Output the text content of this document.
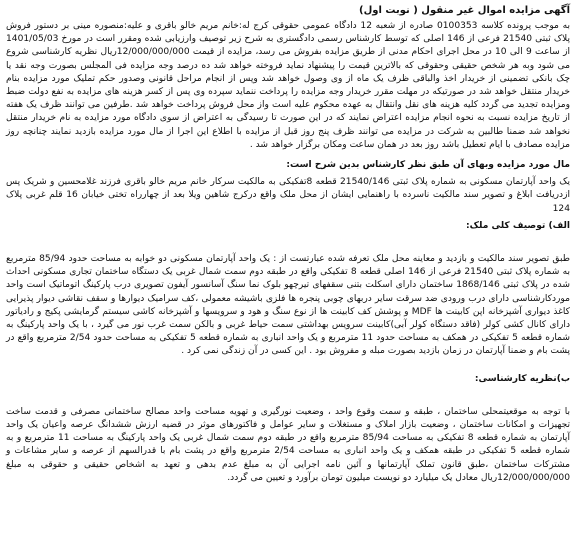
آگهی مزایده اموال غیر منقول ( نوبت اول)

به موجب پرونده کلاسه 0100353 صادره از شعبه 12 دادگاه عمومی حقوقی کرج له:خانم مریم خالو باقری و علیه:منصوره مینی بر دستور فروش پلاک ثبتی 21540 فرعی از 146 اصلی که توسط کارشناس رسمی دادگستری به شرح زیر توصیف وارزیابی شده ومقرر است در مورخ 1401/05/03 از ساعت 9 الی 10 در محل اجرای احکام مدنی از طریق مزایده بفروش می رسد، مزایده از قیمت 12/000/000/000ریال نظریه کارشناسی شروع می شود وبه هر شخص حقیقی وحقوقی که بالاترین قیمت را پیشنهاد نماید فروخته خواهد شد ده درصد وجه مزایده فی المجلس بصورت وجه نقد یا چک بانکی تضمینی از خریدار اخذ والباقی ظرف یک ماه از وی وصول خواهد شد وپس از انجام مراحل قانونی وصدور حکم تملیک مورد مزایده بنام خریدار منتقل خواهد شد در صورتیکه در مهلت مقرر خریدار وجه مزایده را پرداخت ننماید سپرده وی پس از کسر هزینه های مزایده به نفع دولت ضبط ومزایده تجدید می گردد کلیه هزینه های نقل وانتقال به عهده محکوم علیه است واز محل فروش پرداخت خواهد شد .طرفین می توانند ظرف یک هفته از تاریخ مزایده نسبت به نحوه انجام مزایده اعتراض نمایند که در این صورت تا رسیدگی به اعتراض از سوی دادگاه مورد مزایده به نام خریدار منتقل نخواهد شد ضمنا طالبین به شرکت در مزایده می توانند ظرف پنج روز قبل از مزایده با اطلاع این اجرا از مال مورد مزایده بازدید نمایند چنانچه روز مزایده مصادف با ایام تعطیل باشد روز بعد در همان ساعت ومکان برگزار خواهد شد .

مال مورد مزایده وبهای آن طبق نظر کارشناس بدین شرح است:

یک واحد آپارتمان مسکونی به شماره پلاک ثبتی 21540/146 قطعه 8تفکیکی به مالکیت سرکار خانم مریم خالو باقری فرزند غلامحسین و شریک پس ازدریافت ابلاغ و تصویر سند مالکیت ناسرده با راهنمایی ایشان از محل ملک واقع درکرج شاهین ویلا بعد از چهارراه تختی خیابان 16 قلم غربی پلاک 124

الف) توصیف کلی ملک:

طبق تصویر سند مالکیت و بازدید و معاینه محل ملک تعرفه شده عبارتست از : یک واحد آپارتمان مسکونی دو خوابه به مساحت حدود 85/94 مترمربع به شماره پلاک ثبتی 21540 فرعی از 146 اصلی قطعه 8 تفکیکی واقع در طبقه دوم سمت شمال غربی یک دستگاه ساختمان تجاری مسکونی احداث شده در پلاک ثبتی 1868/146 ساختمان دارای اسکلت بتنی سقفهای تیرچهو بلوک نما سنگ آسانسور آیفون تصویری درب پارکینگ اتوماتیک است واحد موردکارشناسی دارای درب ورودی ضد سرقت سایر دربهای چوبی پنجره ها فلزی باشیشه معمولی ،کف سرامیک دیوارها و سقف نقاشی دیوار پذیرایی کاغذ دیواری آشپزخانه اپن کابینت ها MDF و پوشش کف کابینت ها از نوع سنگ و هود و سرویسها و آشپزخانه کاشی سیستم گرمایشی پکیج و رادیاتور دارای کانال کشی کولر (فاقد دستگاه کولر آبی)کابینت سرویس بهداشتی سمت حیاط غربی و بالکن سمت غرب نور می گیرد ، با یک واحد پارکینگ به شماره قطعه 5 تفکیکی در همکف به مساحت حدود 11 مترمربع و یک واحد انباری به شماره قطعه 5 تفکیکی به مساحت حدود 2/54 مترمربع واقع در پشت بام و ضمنا آپارتمان در زمان بازدید بصورت مبله و مفروش بود . این کسی در آن زندگی نمی کرد .

ب)نظریه کارشناسی:

با توجه به موقعیتمحلی ساختمان ، طبقه و سمت وقوع واحد ، وضعیت نورگیری و تهویه مساحت واحد مصالح ساختمانی مصرفی و قدمت ساخت تجهیزات و امکانات ساختمان ، وضعیت بازار املاک و مستغلات و سایر عوامل و فاکتورهای موثر در قضیه ارزش ششدانگ عرصه واعیان یک واحد آپارتمان به شماره قطعه 8 تفکیکی به مساحت 85/94 مترمربع واقع در طبقه دوم سمت شمال غربی یک واحد پارکینگ به مساحت 11 مترمربع و به شماره قطعه 5 تفکیکی در طبقه همکف و یک واحد انباری به مساحت 2/54 مترمربع واقع در پشت بام با قدرالسهم از عرصه و سایر مشاعات و مشترکات ساختمان ،طبق قانون تملک آپارتمانها و آئین نامه اجرایی آن به مبلغ عدم بدهی و تعهد به اشخاص حقیقی و حقوقی به مبلغ 12/000/000/000ریال معادل یک میلیارد دو نویست میلیون تومان برآورد و تعیین می گردد.
